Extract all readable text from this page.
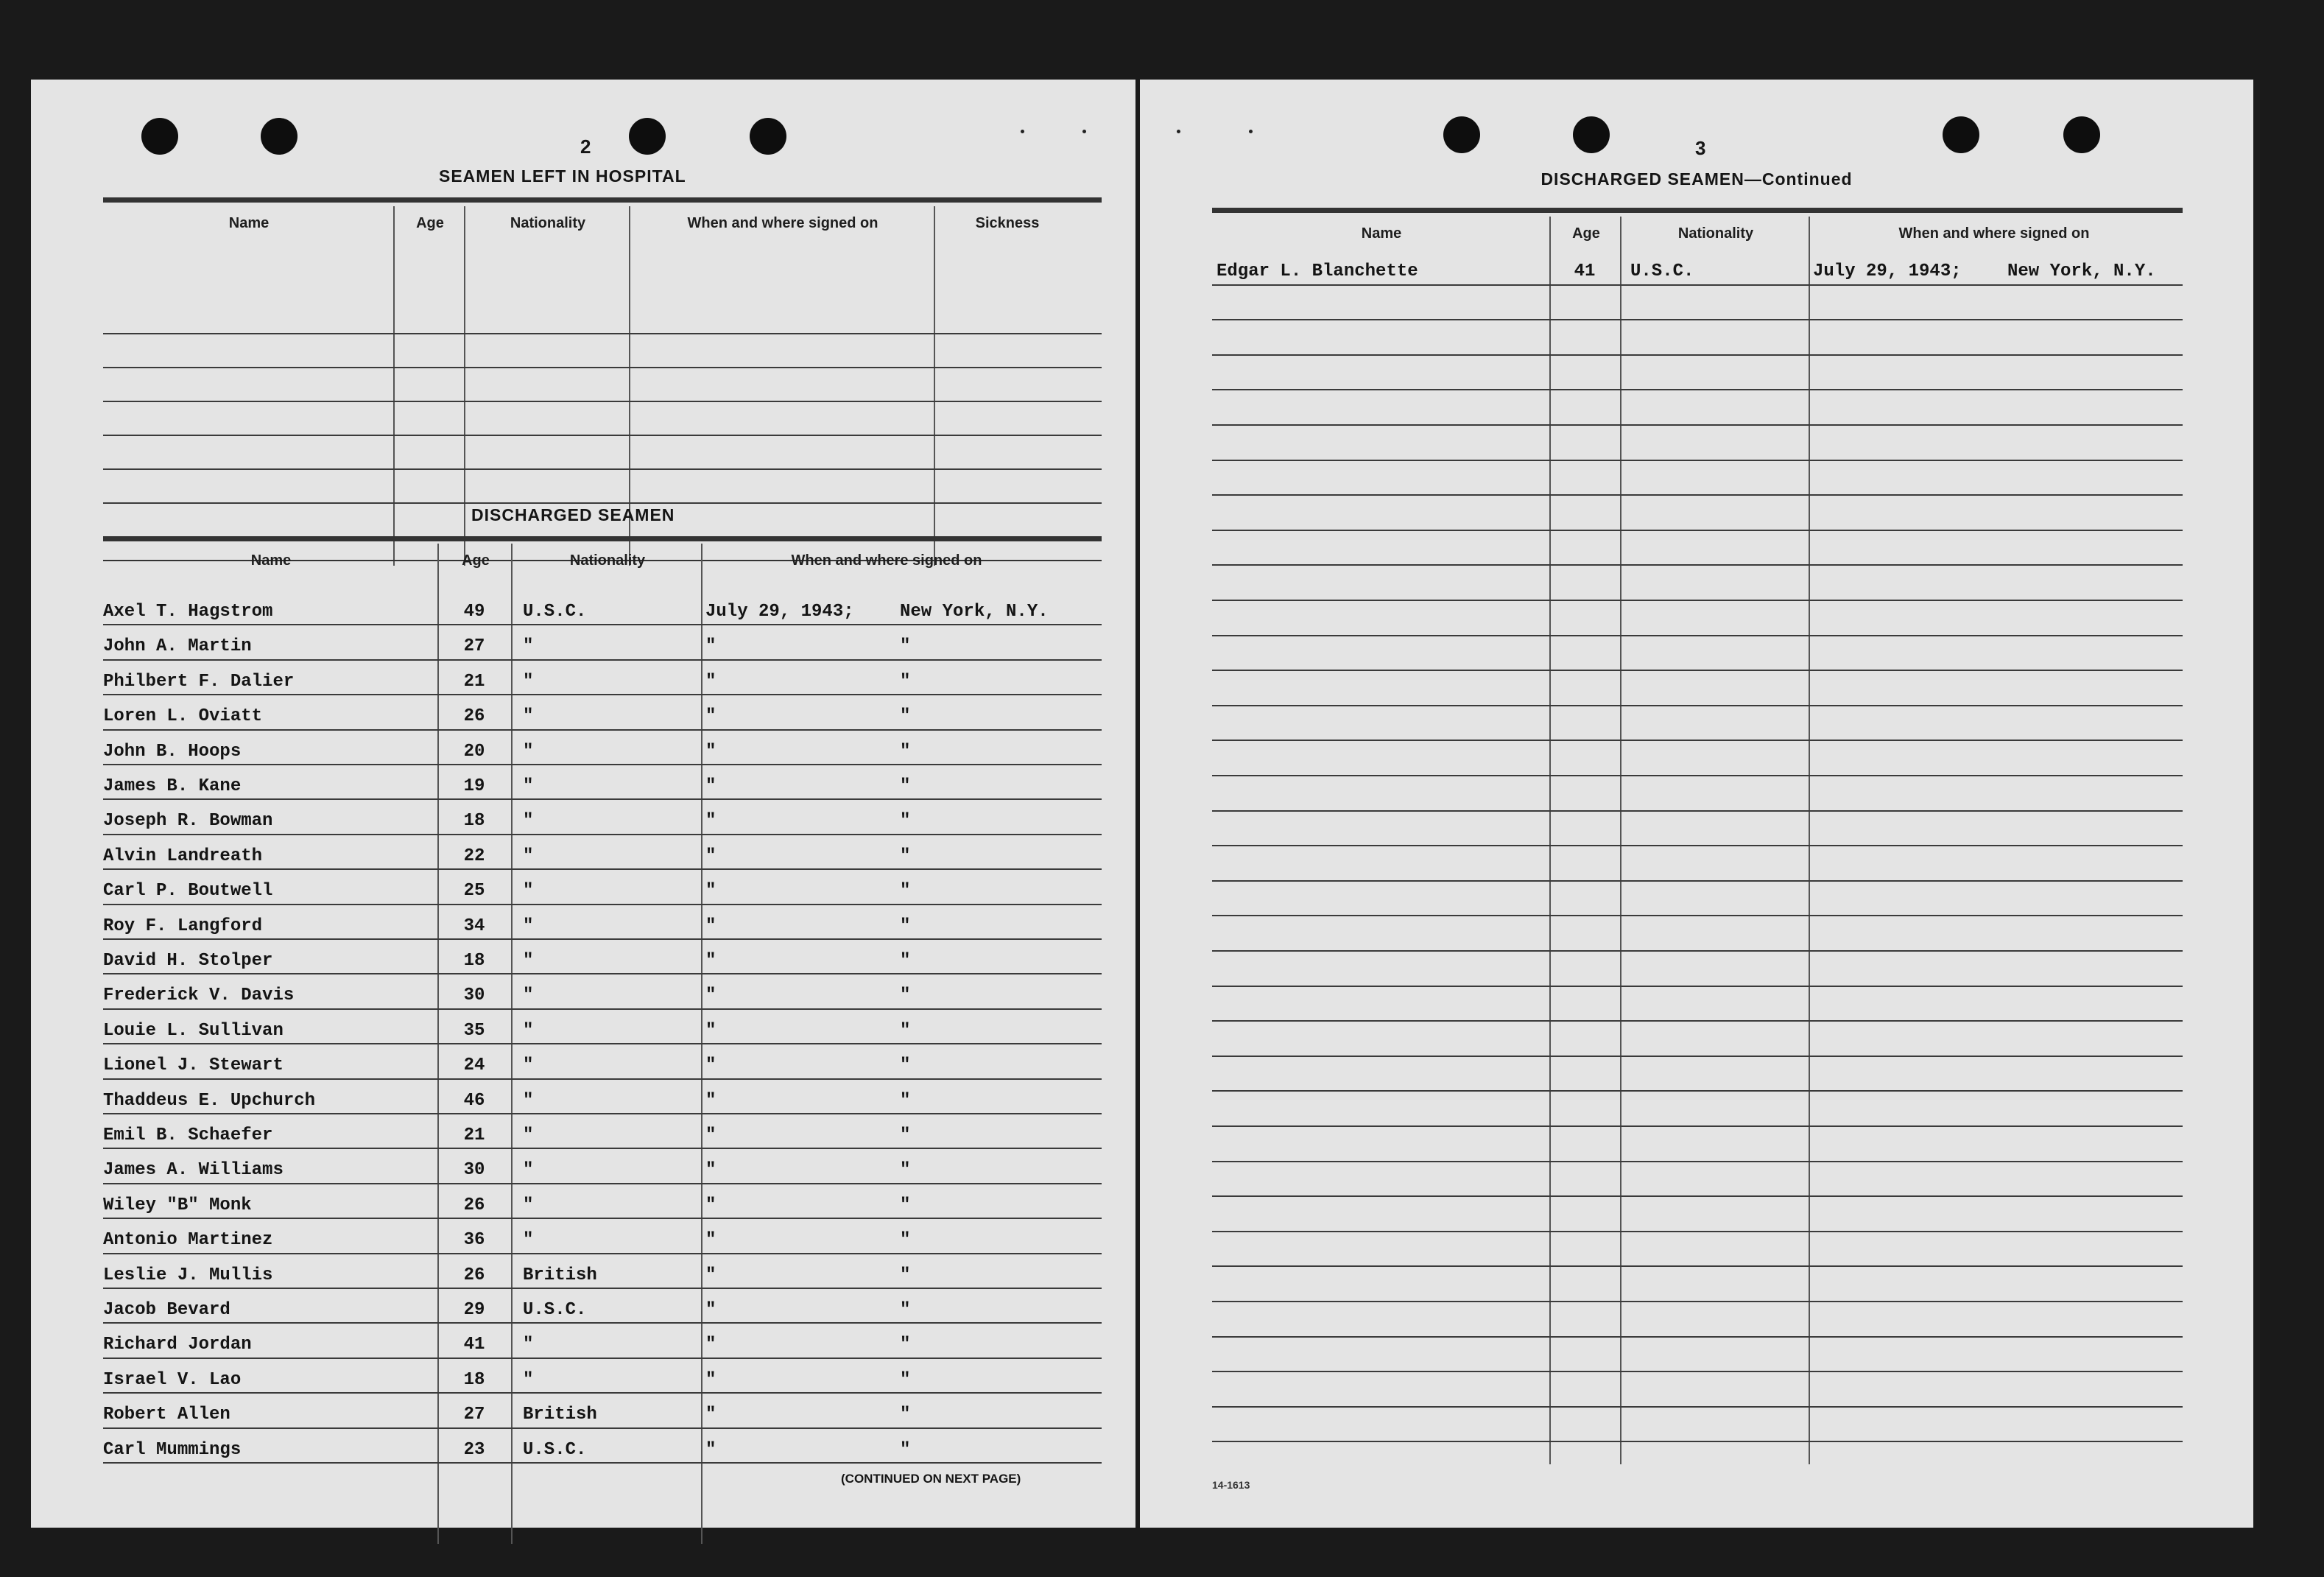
2
SEAMEN LEFT IN HOSPITAL
Name	Age	Nationality	When and where signed on	Sickness
DISCHARGED SEAMEN
Name	Age	Nationality	When and where signed on
Axel T. Hagstrom	49	U.S.C.	July 29, 1943;	New York, N.Y.
John A. Martin	27	"	"	"
Philbert F. Dalier	21	"	"	"
Loren L. Oviatt	26	"	"	"
John B. Hoops	20	"	"	"
James B. Kane	19	"	"	"
Joseph R. Bowman	18	"	"	"
Alvin Landreath	22	"	"	"
Carl P. Boutwell	25	"	"	"
Roy F. Langford	34	"	"	"
David H. Stolper	18	"	"	"
Frederick V. Davis	30	"	"	"
Louie L. Sullivan	35	"	"	"
Lionel J. Stewart	24	"	"	"
Thaddeus E. Upchurch	46	"	"	"
Emil B. Schaefer	21	"	"	"
James A. Williams	30	"	"	"
Wiley "B" Monk	26	"	"	"
Antonio Martinez	36	"	"	"
Leslie J. Mullis	26	British	"	"
Jacob Bevard	29	U.S.C.	"	"
Richard Jordan	41	"	"	"
Israel V. Lao	18	"	"	"
Robert Allen	27	British	"	"
Carl Mummings	23	U.S.C.	"	"
(CONTINUED ON NEXT PAGE)
3
DISCHARGED SEAMEN—Continued
Name	Age	Nationality	When and where signed on
Edgar L. Blanchette	41	U.S.C.	July 29, 1943;	New York, N.Y.
14-1613
